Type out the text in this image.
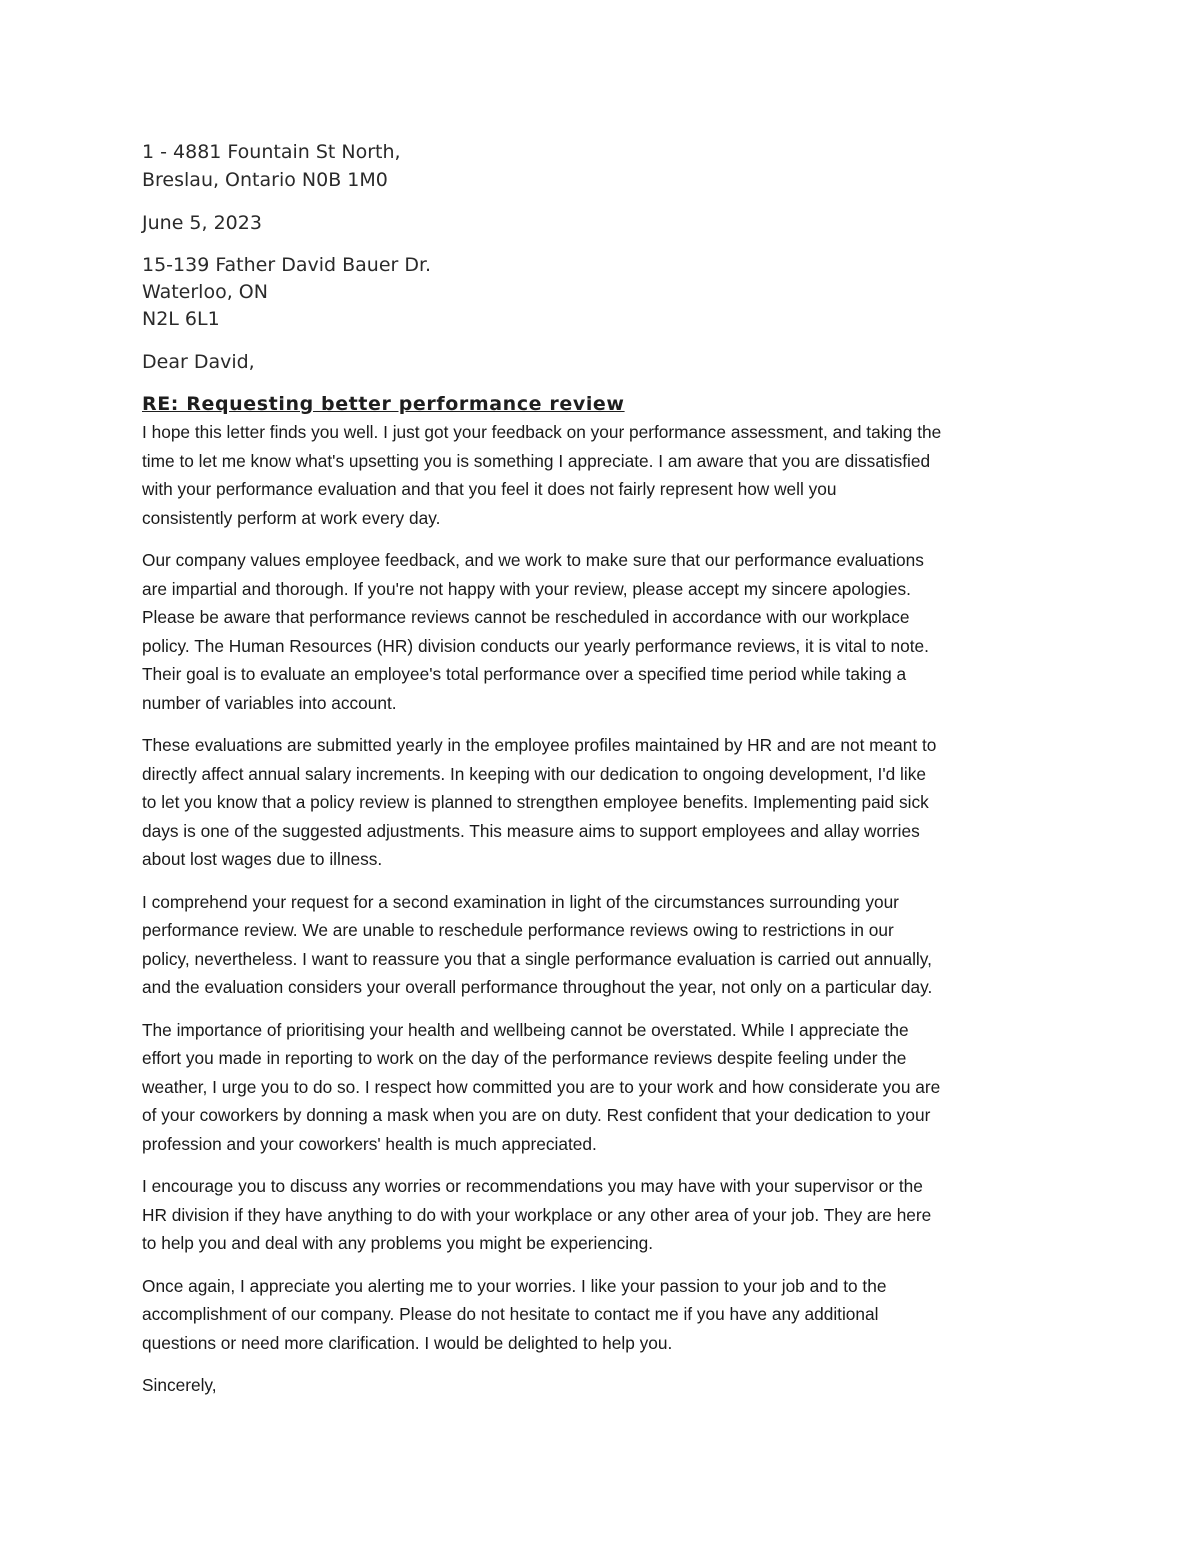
1 - 4881 Fountain St North,
Breslau, Ontario N0B 1M0
June 5, 2023
15-139 Father David Bauer Dr.
Waterloo, ON
N2L 6L1
Dear David,
RE: Requesting better performance review
I hope this letter finds you well. I just got your feedback on your performance assessment, and taking the
time to let me know what's upsetting you is something I appreciate. I am aware that you are dissatisfied
with your performance evaluation and that you feel it does not fairly represent how well you
consistently perform at work every day.
Our company values employee feedback, and we work to make sure that our performance evaluations
are impartial and thorough. If you're not happy with your review, please accept my sincere apologies.
Please be aware that performance reviews cannot be rescheduled in accordance with our workplace
policy. The Human Resources (HR) division conducts our yearly performance reviews, it is vital to note.
Their goal is to evaluate an employee's total performance over a specified time period while taking a
number of variables into account.
These evaluations are submitted yearly in the employee profiles maintained by HR and are not meant to
directly affect annual salary increments. In keeping with our dedication to ongoing development, I'd like
to let you know that a policy review is planned to strengthen employee benefits. Implementing paid sick
days is one of the suggested adjustments. This measure aims to support employees and allay worries
about lost wages due to illness.
I comprehend your request for a second examination in light of the circumstances surrounding your
performance review. We are unable to reschedule performance reviews owing to restrictions in our
policy, nevertheless. I want to reassure you that a single performance evaluation is carried out annually,
and the evaluation considers your overall performance throughout the year, not only on a particular day.
The importance of prioritising your health and wellbeing cannot be overstated. While I appreciate the
effort you made in reporting to work on the day of the performance reviews despite feeling under the
weather, I urge you to do so. I respect how committed you are to your work and how considerate you are
of your coworkers by donning a mask when you are on duty. Rest confident that your dedication to your
profession and your coworkers' health is much appreciated.
I encourage you to discuss any worries or recommendations you may have with your supervisor or the
HR division if they have anything to do with your workplace or any other area of your job. They are here
to help you and deal with any problems you might be experiencing.
Once again, I appreciate you alerting me to your worries. I like your passion to your job and to the
accomplishment of our company. Please do not hesitate to contact me if you have any additional
questions or need more clarification. I would be delighted to help you.
Sincerely,
